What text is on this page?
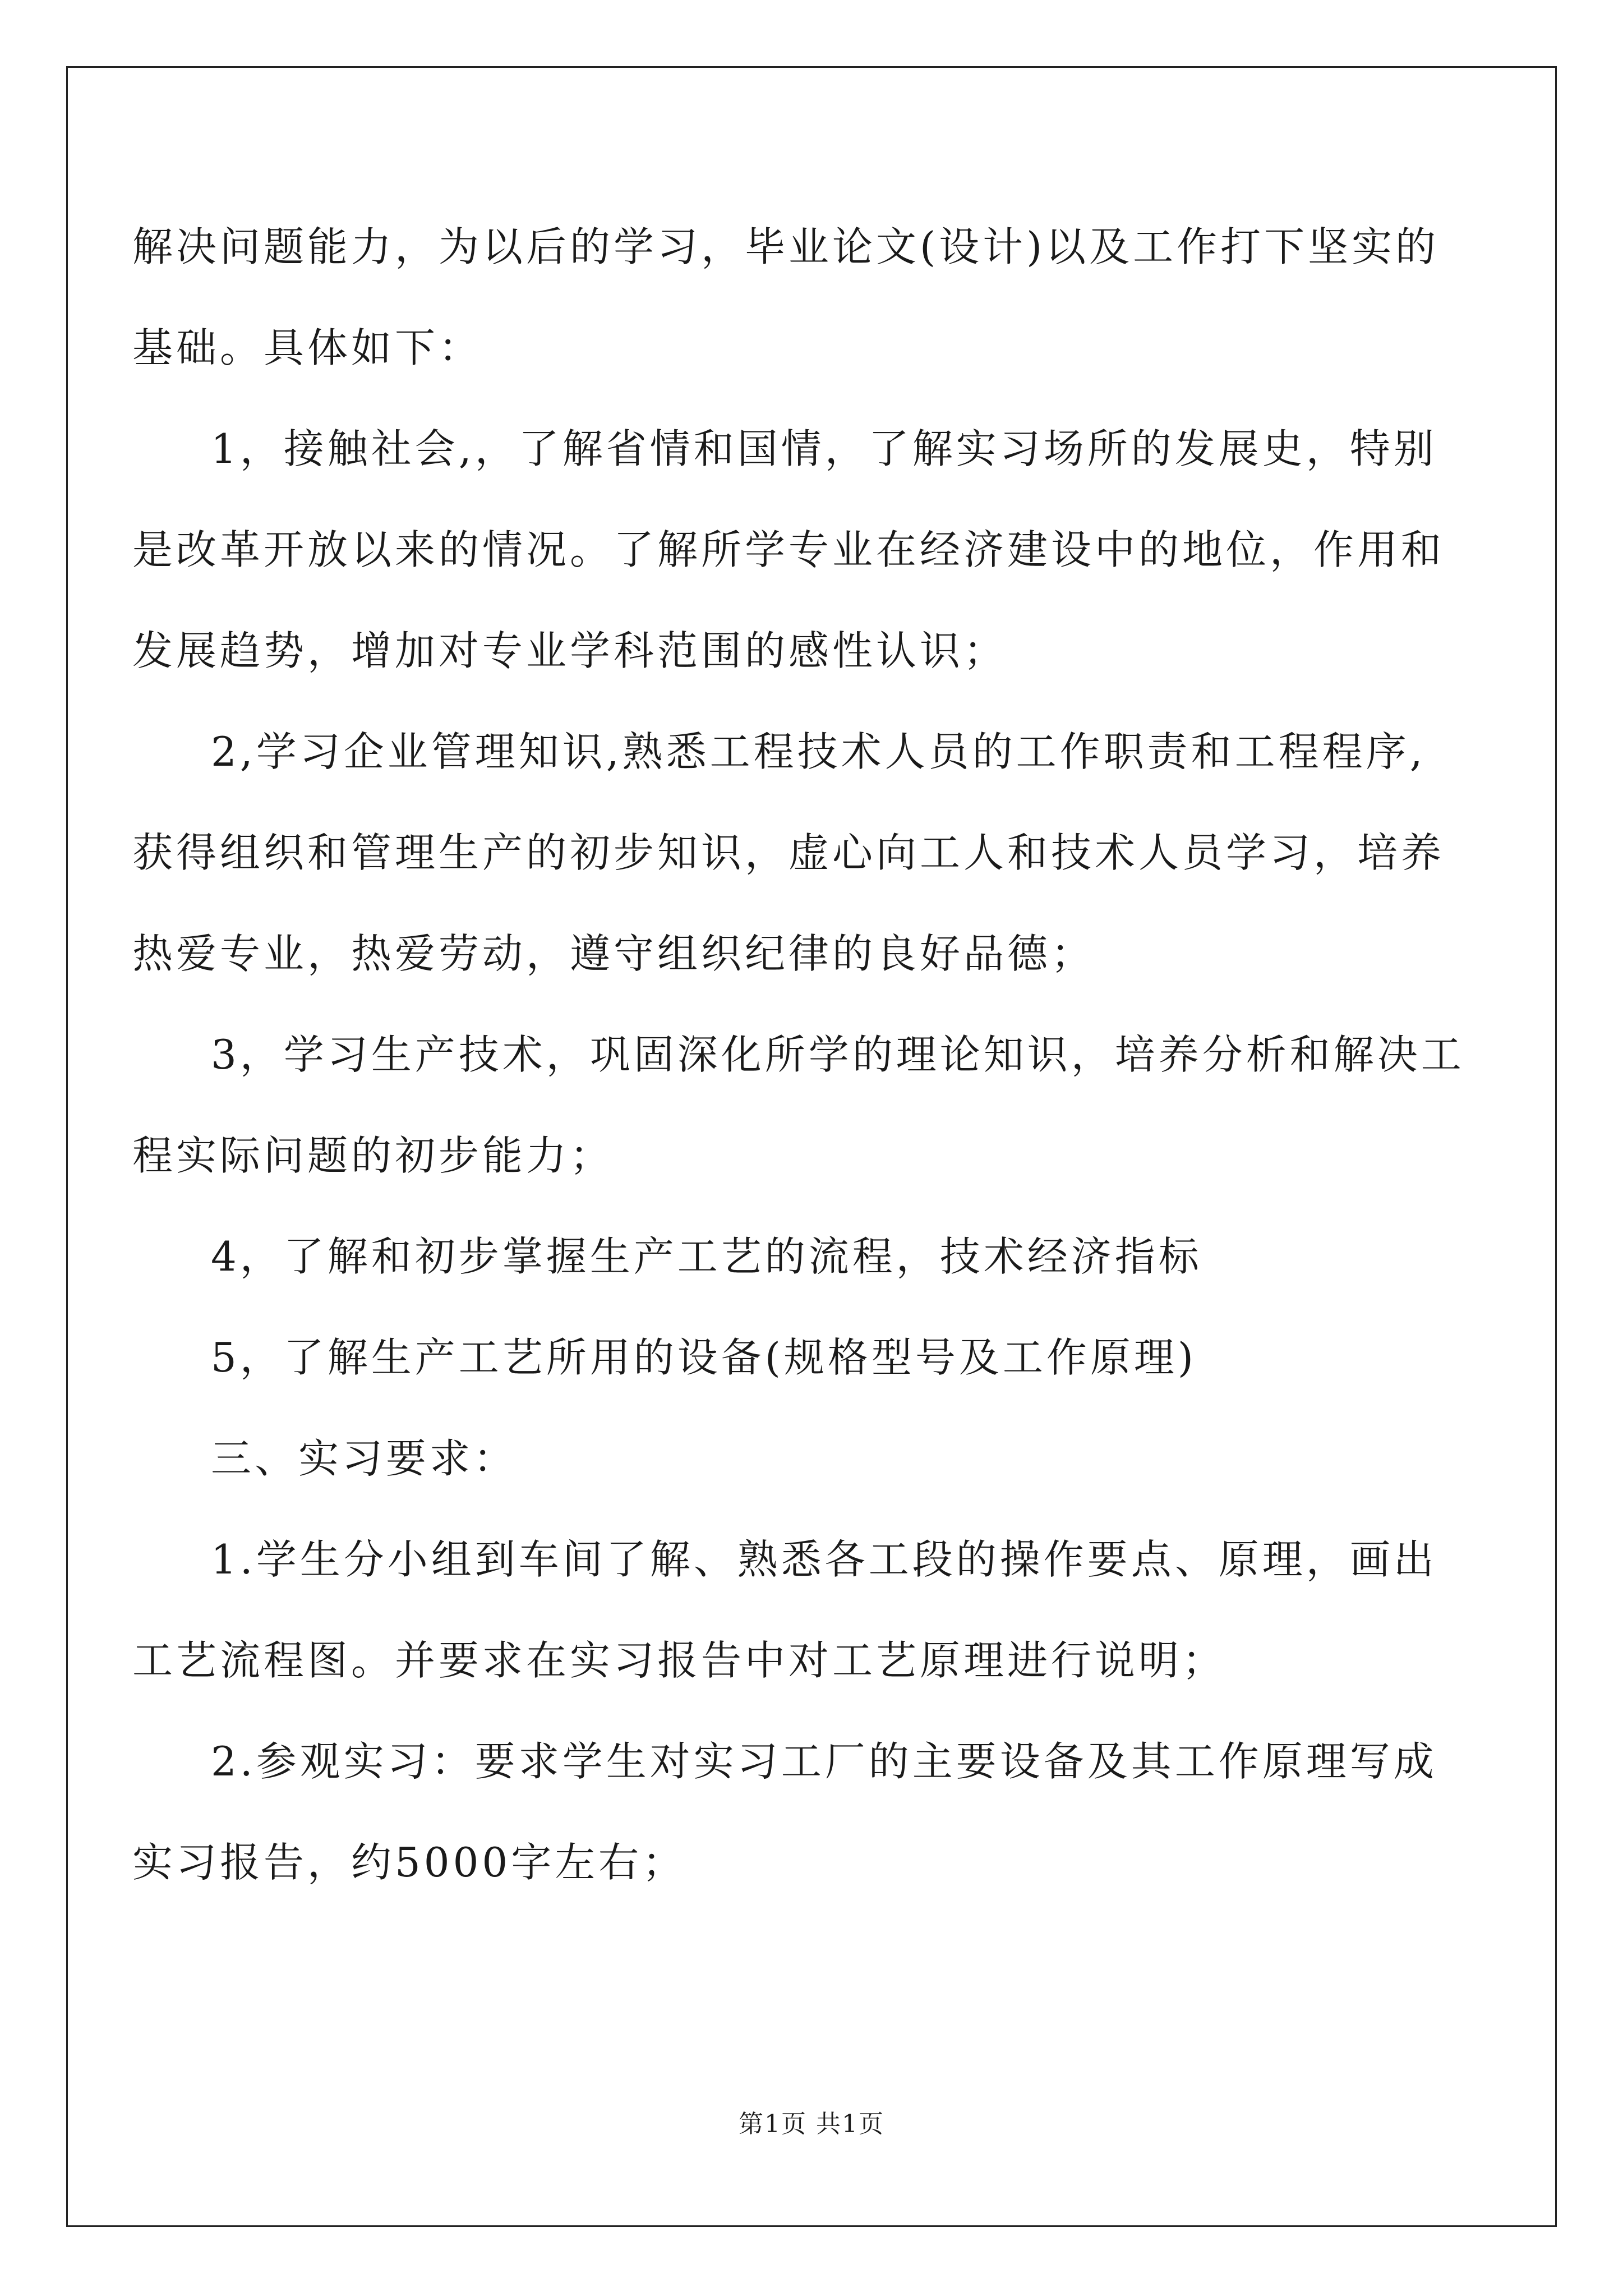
解决问题能力，为以后的学习，毕业论文(设计)以及工作打下坚实的
基础。具体如下：
1，接触社会,，了解省情和国情，了解实习场所的发展史，特别
是改革开放以来的情况。了解所学专业在经济建设中的地位，作用和
发展趋势，增加对专业学科范围的感性认识；
2,学习企业管理知识,熟悉工程技术人员的工作职责和工程程序,
获得组织和管理生产的初步知识，虚心向工人和技术人员学习，培养
热爱专业，热爱劳动，遵守组织纪律的良好品德；
3，学习生产技术，巩固深化所学的理论知识，培养分析和解决工
程实际问题的初步能力；
4，了解和初步掌握生产工艺的流程，技术经济指标
5，了解生产工艺所用的设备(规格型号及工作原理)
三、实习要求：
1.学生分小组到车间了解、熟悉各工段的操作要点、原理，画出
工艺流程图。并要求在实习报告中对工艺原理进行说明；
2.参观实习：要求学生对实习工厂的主要设备及其工作原理写成
实习报告，约5000字左右；
第1页 共1页
